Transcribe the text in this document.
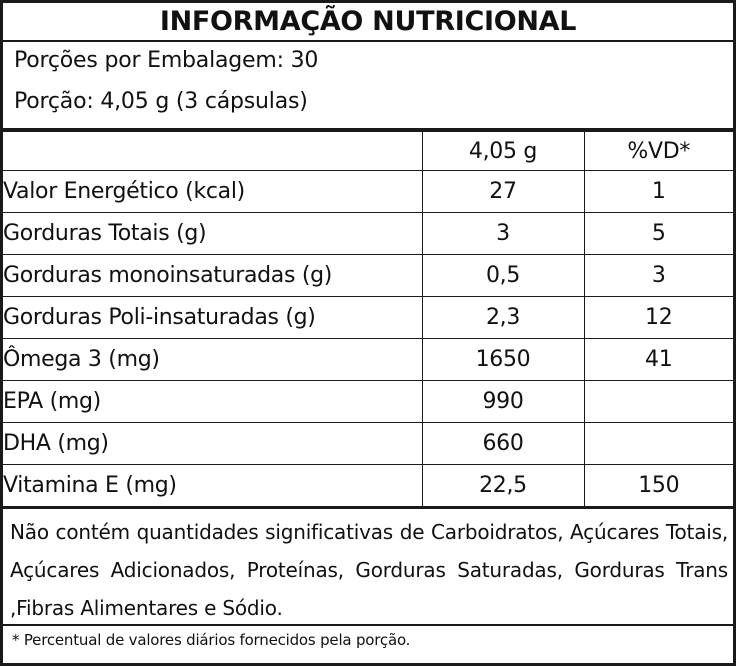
INFORMAÇÃO NUTRICIONAL
Porções por Embalagem: 30
Porção: 4,05 g (3 cápsulas)
	4,05 g	%VD*
Valor Energético (kcal)	27	1
Gorduras Totais (g)	3	5
Gorduras monoinsaturadas (g)	0,5	3
Gorduras Poli-insaturadas (g)	2,3	12
Ômega 3 (mg)	1650	41
EPA (mg)	990	
DHA (mg)	660	
Vitamina E (mg)	22,5	150
Não contém quantidades significativas de Carboidratos, Açúcares Totais, Açúcares Adicionados, Proteínas, Gorduras Saturadas, Gorduras Trans ,Fibras Alimentares e Sódio.
* Percentual de valores diários fornecidos pela porção.
